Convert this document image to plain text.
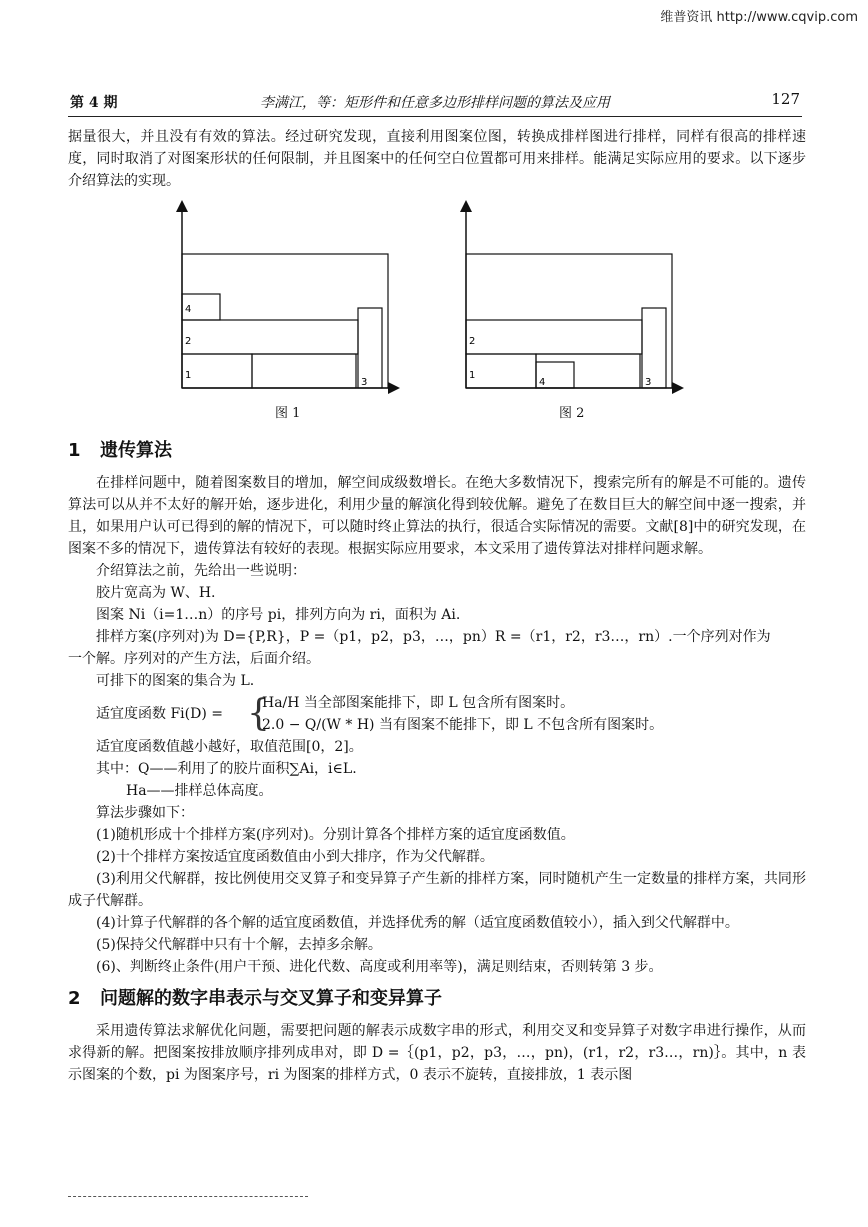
维普资讯 http://www.cqvip.com
第 4 期	李满江，等：矩形件和任意多边形排样问题的算法及应用	127

据量很大，并且没有有效的算法。经过研究发现，直接利用图案位图，转换成排样图进行排样，同样有很高的排样速度，同时取消了对图案形状的任何限制，并且图案中的任何空白位置都可用来排样。能满足实际应用的要求。以下逐步介绍算法的实现。

4
2
1
3
图 1
2
1
4	3
图 2
1 遗传算法

在排样问题中，随着图案数目的增加，解空间成级数增长。在绝大多数情况下，搜索完所有的解是不可能的。遗传算法可以从并不太好的解开始，逐步进化，利用少量的解演化得到较优解。避免了在数目巨大的解空间中逐一搜索，并且，如果用户认可已得到的解的情况下，可以随时终止算法的执行，很适合实际情况的需要。文献[8]中的研究发现，在图案不多的情况下，遗传算法有较好的表现。根据实际应用要求，本文采用了遗传算法对排样问题求解。

介绍算法之前，先给出一些说明：
胶片宽高为 W、H.
图案 Ni（i=1…n）的序号 pi，排列方向为 ri，面积为 Ai.
排样方案(序列对)为 D={P,R}，P =（p1，p2，p3，…，pn）R =（r1，r2，r3…，rn）.一个序列对作为
一个解。序列对的产生方法，后面介绍。
可排下的图案的集合为 L.
适宜度函数 Fi(D) = {
Ha/H 当全部图案能排下，即 L 包含所有图案时。
2.0 − Q/(W * H) 当有图案不能排下，即 L 不包含所有图案时。
适宜度函数值越小越好，取值范围[0，2]。
其中：Q——利用了的胶片面积∑Ai，i∈L.
Ha——排样总体高度。
算法步骤如下：
(1)随机形成十个排样方案(序列对)。分别计算各个排样方案的适宜度函数值。
(2)十个排样方案按适宜度函数值由小到大排序，作为父代解群。

(3)利用父代解群，按比例使用交叉算子和变异算子产生新的排样方案，同时随机产生一定数量的排样方案，共同形成子代解群。

(4)计算子代解群的各个解的适宜度函数值，并选择优秀的解（适宜度函数值较小），插入到父代解群中。

(5)保持父代解群中只有十个解，去掉多余解。
(6)、判断终止条件(用户干预、进化代数、高度或利用率等)，满足则结束，否则转第 3 步。
2 问题解的数字串表示与交叉算子和变异算子

采用遗传算法求解优化问题，需要把问题的解表示成数字串的形式，利用交叉和变异算子对数字串进行操作，从而求得新的解。把图案按排放顺序排列成串对，即 D =｛(p1，p2，p3，…，pn)，(r1，r2，r3…，rn)｝。其中，n 表示图案的个数，pi 为图案序号，ri 为图案的排样方式，0 表示不旋转，直接排放，1 表示图
